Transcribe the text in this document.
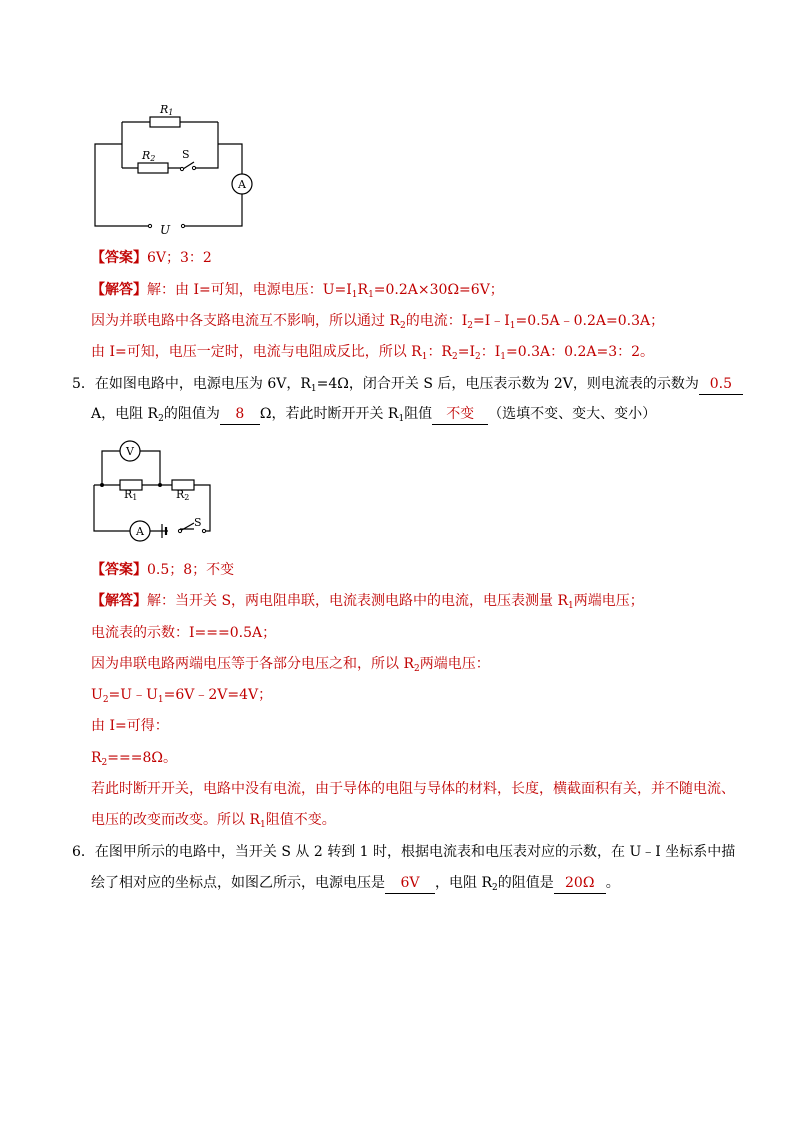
R1
R2 S
A
U
【答案】6V；3：2
【解答】解：由 I=可知，电源电压：$U=I_1R_1=0.2A\times 30\Omega=6V$；
因为并联电路中各支路电流互不影响，所以通过 $R_2$的电流：$I_2=I﹣I_1=0.5A﹣0.2A=0.3A$；
由 I=可知，电压一定时，电流与电阻成反比，所以 $R_1$：$R_2=I_2$：$I_1=0.3A$：0.2A=3：2。
5．在如图电路中，电源电压为 6V，$R_1=4\Omega$，闭合开关 S 后，电压表示数为 2V，则电流表的示数为 0.5
A，电阻 $R_2$的阻值为 8 Ω，若此时断开开关 $R_1$阻值 不变 （选填不变、变大、变小）
V
R1	R2
A
S
【答案】0.5；8；不变
【解答】解：当开关 S，两电阻串联，电流表测电路中的电流，电压表测量 $R_1$两端电压；
电流表的示数：I===0.5A；
因为串联电路两端电压等于各部分电压之和，所以 $R_2$两端电压：
$U_2=U﹣U_1=6V﹣2V=4V$；
由 I=可得：
$R_2===8\Omega$。
若此时断开开关，电路中没有电流，由于导体的电阻与导体的材料，长度，横截面积有关，并不随电流、
电压的改变而改变。所以 $R_1$阻值不变。
6．在图甲所示的电路中，当开关 S 从 2 转到 1 时，根据电流表和电压表对应的示数，在 U﹣I 坐标系中描
绘了相对应的坐标点，如图乙所示，电源电压是 6V ，电阻 $R_2$的阻值是 20Ω 。
